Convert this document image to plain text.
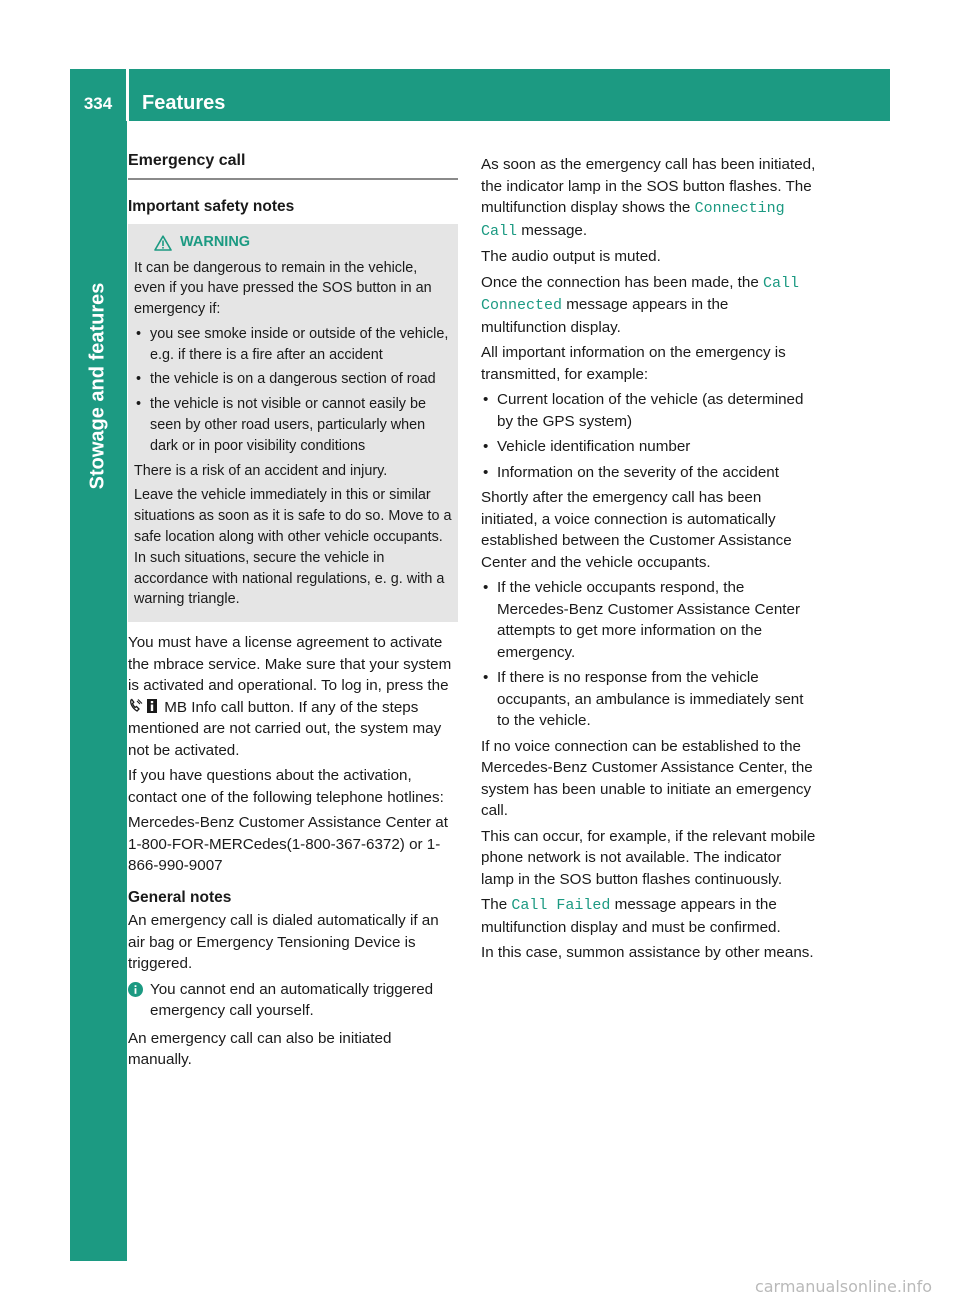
334	Features
Stowage and features
Emergency call
Important safety notes
WARNING

It can be dangerous to remain in the vehicle, even if you have pressed the SOS button in an emergency if:

• you see smoke inside or outside of the vehicle, e.g. if there is a fire after an accident
• the vehicle is on a dangerous section of road
• the vehicle is not visible or cannot easily be seen by other road users, particularly when dark or in poor visibility conditions

There is a risk of an accident and injury.

Leave the vehicle immediately in this or similar situations as soon as it is safe to do so. Move to a safe location along with other vehicle occupants. In such situations, secure the vehicle in accordance with national regulations, e. g. with a warning triangle.

You must have a license agreement to activate the mbrace service. Make sure that your system is activated and operational. To log in, press the  MB Info call button. If any of the steps mentioned are not carried out, the system may not be activated.

If you have questions about the activation, contact one of the following telephone hotlines:

Mercedes-Benz Customer Assistance Center at 1-800-FOR-MERCedes(1-800-367-6372) or 1-866-990-9007

General notes

An emergency call is dialed automatically if an air bag or Emergency Tensioning Device is triggered.

You cannot end an automatically triggered emergency call yourself.

An emergency call can also be initiated manually.

As soon as the emergency call has been initiated, the indicator lamp in the SOS button flashes. The multifunction display shows the Connecting Call message.

The audio output is muted.

Once the connection has been made, the Call Connected message appears in the multifunction display.

All important information on the emergency is transmitted, for example:

• Current location of the vehicle (as determined by the GPS system)
• Vehicle identification number
• Information on the severity of the accident

Shortly after the emergency call has been initiated, a voice connection is automatically established between the Customer Assistance Center and the vehicle occupants.

• If the vehicle occupants respond, the Mercedes-Benz Customer Assistance Center attempts to get more information on the emergency.
• If there is no response from the vehicle occupants, an ambulance is immediately sent to the vehicle.

If no voice connection can be established to the Mercedes-Benz Customer Assistance Center, the system has been unable to initiate an emergency call.

This can occur, for example, if the relevant mobile phone network is not available. The indicator lamp in the SOS button flashes continuously.

The Call Failed message appears in the multifunction display and must be confirmed.

In this case, summon assistance by other means.

carmanualsonline.info
